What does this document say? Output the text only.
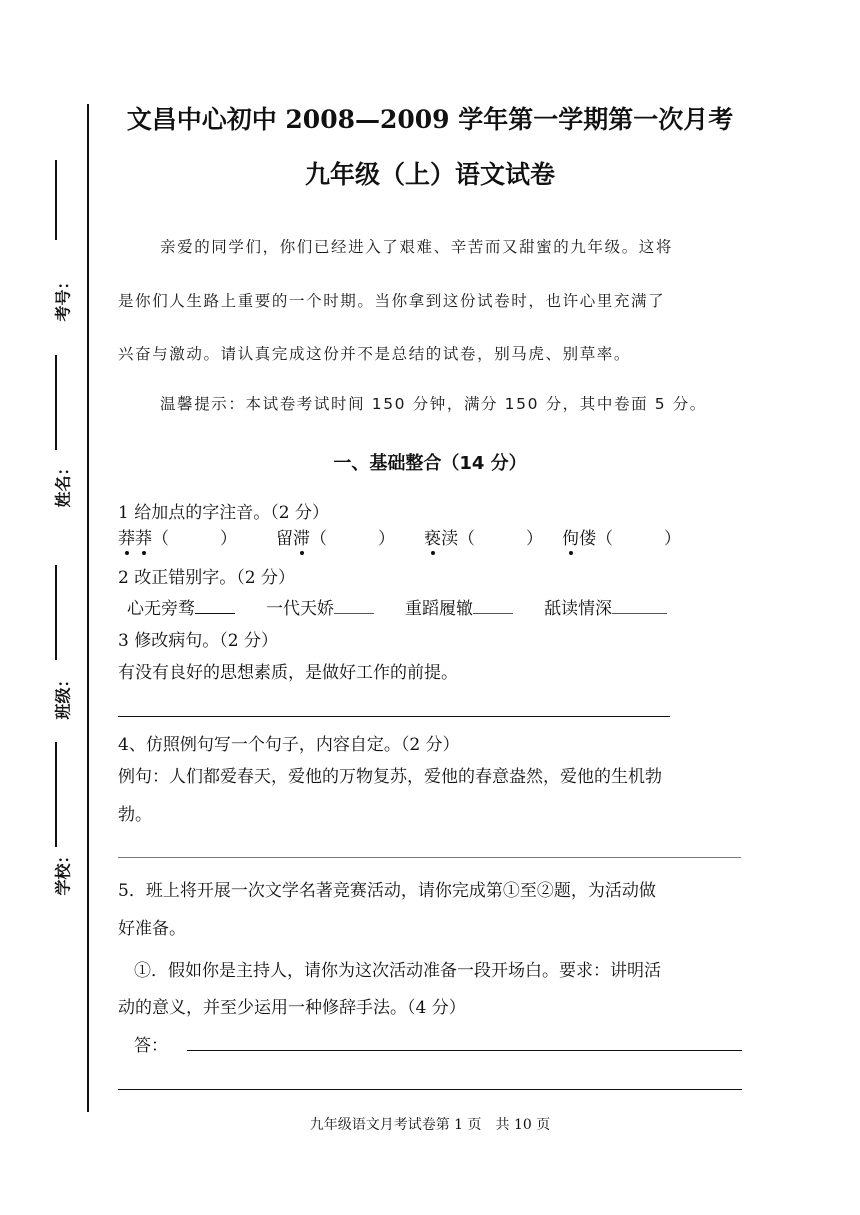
考号：
姓名：
班级：
学校：
文昌中心初中 2008—2009 学年第一学期第一次月考
九年级（上）语文试卷
亲爱的同学们，你们已经进入了艰难、辛苦而又甜蜜的九年级。这将
是你们人生路上重要的一个时期。当你拿到这份试卷时，也许心里充满了
兴奋与激动。请认真完成这份并不是总结的试卷，别马虎、别草率。
温馨提示：本试卷考试时间 150 分钟，满分 150 分，其中卷面 5 分。
一、基础整合（14 分）
1 给加点的字注音。（2 分）
莽莽（　　　） 留滞（　　　） 亵渎（　　　） 佝偻（　　　）
2 改正错别字。（2 分）
心无旁骛	一代天娇	重蹈履辙	舐读情深
3 修改病句。（2 分）
有没有良好的思想素质，是做好工作的前提。
4、仿照例句写一个句子，内容自定。（2 分）
例句：人们都爱春天，爱他的万物复苏，爱他的春意盎然，爱他的生机勃
勃。
5．班上将开展一次文学名著竞赛活动，请你完成第①至②题，为活动做
好准备。
①．假如你是主持人，请你为这次活动准备一段开场白。要求：讲明活
动的意义，并至少运用一种修辞手法。（4 分）
答：
九年级语文月考试卷第 1 页　共 10 页
